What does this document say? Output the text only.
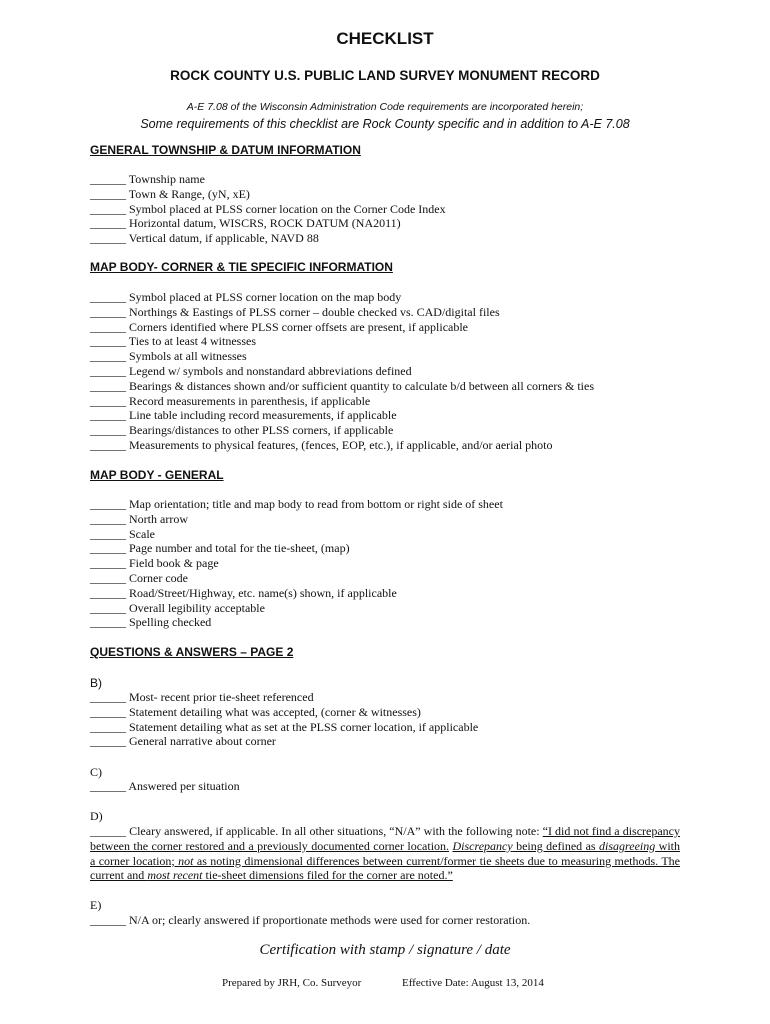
CHECKLIST
ROCK COUNTY U.S. PUBLIC LAND SURVEY MONUMENT RECORD
A-E 7.08 of the Wisconsin Administration Code requirements are incorporated herein;
Some requirements of this checklist are Rock County specific and in addition to A-E 7.08
GENERAL TOWNSHIP & DATUM INFORMATION
______ Township name
______ Town & Range, (yN, xE)
______ Symbol placed at PLSS corner location on the Corner Code Index
______ Horizontal datum, WISCRS, ROCK DATUM (NA2011)
______ Vertical datum, if applicable, NAVD 88
MAP BODY- CORNER & TIE SPECIFIC INFORMATION
______ Symbol placed at PLSS corner location on the map body
______ Northings & Eastings of PLSS corner – double checked vs. CAD/digital files
______ Corners identified where PLSS corner offsets are present, if applicable
______ Ties to at least 4 witnesses
______ Symbols at all witnesses
______ Legend w/ symbols and nonstandard abbreviations defined
______ Bearings & distances shown and/or sufficient quantity to calculate b/d between all corners & ties
______ Record measurements in parenthesis, if applicable
______ Line table including record measurements, if applicable
______ Bearings/distances to other PLSS corners, if applicable
______ Measurements to physical features, (fences, EOP, etc.), if applicable, and/or aerial photo
MAP BODY - GENERAL
______ Map orientation; title and map body to read from bottom or right side of sheet
______ North arrow
______ Scale
______ Page number and total for the tie-sheet, (map)
______ Field book & page
______ Corner code
______ Road/Street/Highway, etc. name(s) shown, if applicable
______ Overall legibility acceptable
______ Spelling checked
QUESTIONS & ANSWERS – PAGE 2
B)
______ Most- recent prior tie-sheet referenced
______ Statement detailing what was accepted, (corner & witnesses)
______ Statement detailing what as set at the PLSS corner location, if applicable
______ General narrative about corner
C)
______ Answered per situation
D)

______ Cleary answered, if applicable. In all other situations, “N/A” with the following note: “I did not find a discrepancy between the corner restored and a previously documented corner location. Discrepancy being defined as disagreeing with a corner location; not as noting dimensional differences between current/former tie sheets due to measuring methods. The current and most recent tie-sheet dimensions filed for the corner are noted.”

E)
______ N/A or; clearly answered if proportionate methods were used for corner restoration.
Certification with stamp / signature / date
Prepared by JRH, Co. Surveyor	Effective Date: August 13, 2014
